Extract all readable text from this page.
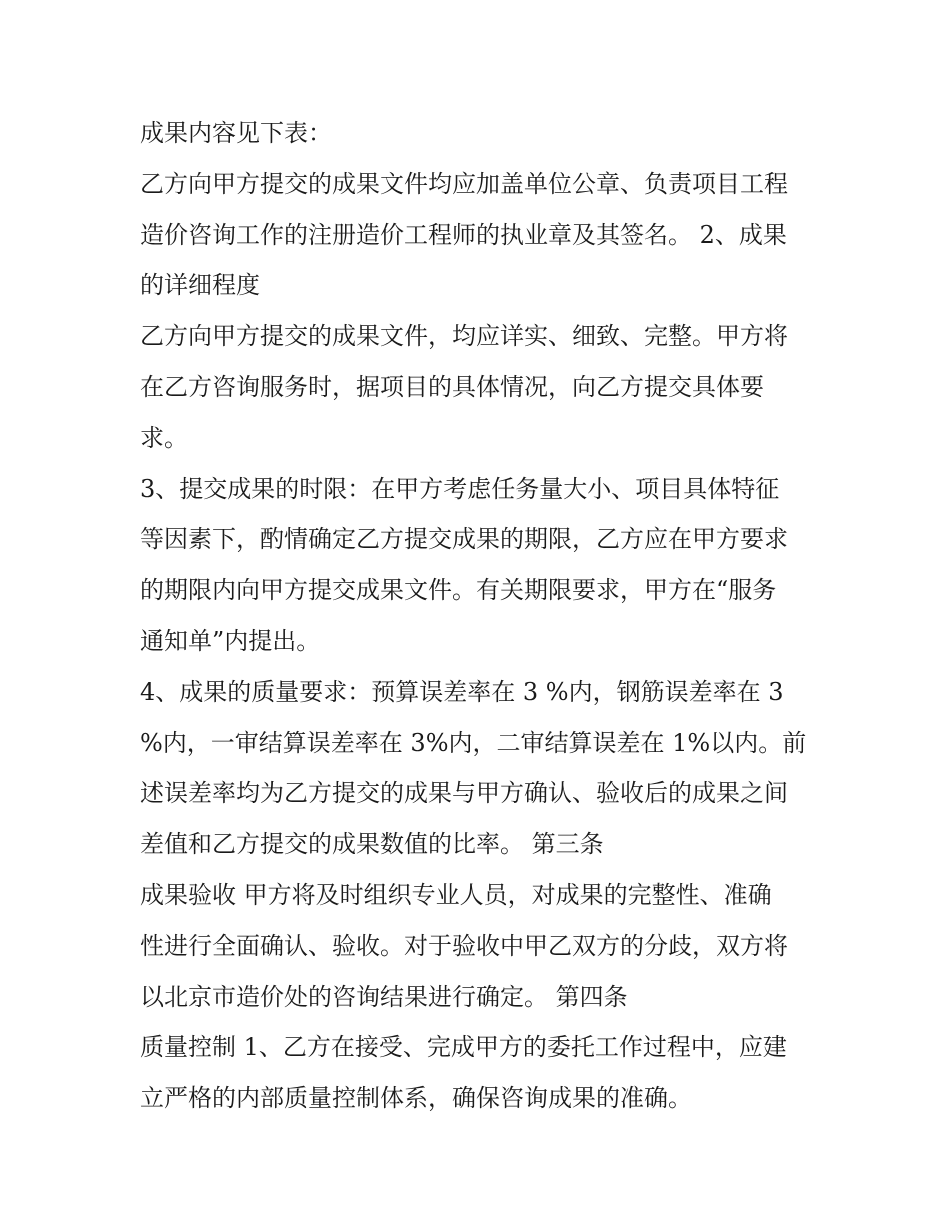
成果内容见下表：
乙方向甲方提交的成果文件均应加盖单位公章、负责项目工程
造价咨询工作的注册造价工程师的执业章及其签名。 2、成果
的详细程度
乙方向甲方提交的成果文件，均应详实、细致、完整。甲方将
在乙方咨询服务时，据项目的具体情况，向乙方提交具体要
求。
3、提交成果的时限：在甲方考虑任务量大小、项目具体特征
等因素下，酌情确定乙方提交成果的期限，乙方应在甲方要求
的期限内向甲方提交成果文件。有关期限要求，甲方在“服务
通知单”内提出。
4、成果的质量要求：预算误差率在 3 %内，钢筋误差率在 3
%内，一审结算误差率在 3%内，二审结算误差在 1%以内。前
述误差率均为乙方提交的成果与甲方确认、验收后的成果之间
差值和乙方提交的成果数值的比率。 第三条
成果验收 甲方将及时组织专业人员，对成果的完整性、准确
性进行全面确认、验收。对于验收中甲乙双方的分歧，双方将
以北京市造价处的咨询结果进行确定。 第四条
质量控制 1、乙方在接受、完成甲方的委托工作过程中，应建
立严格的内部质量控制体系，确保咨询成果的准确。
